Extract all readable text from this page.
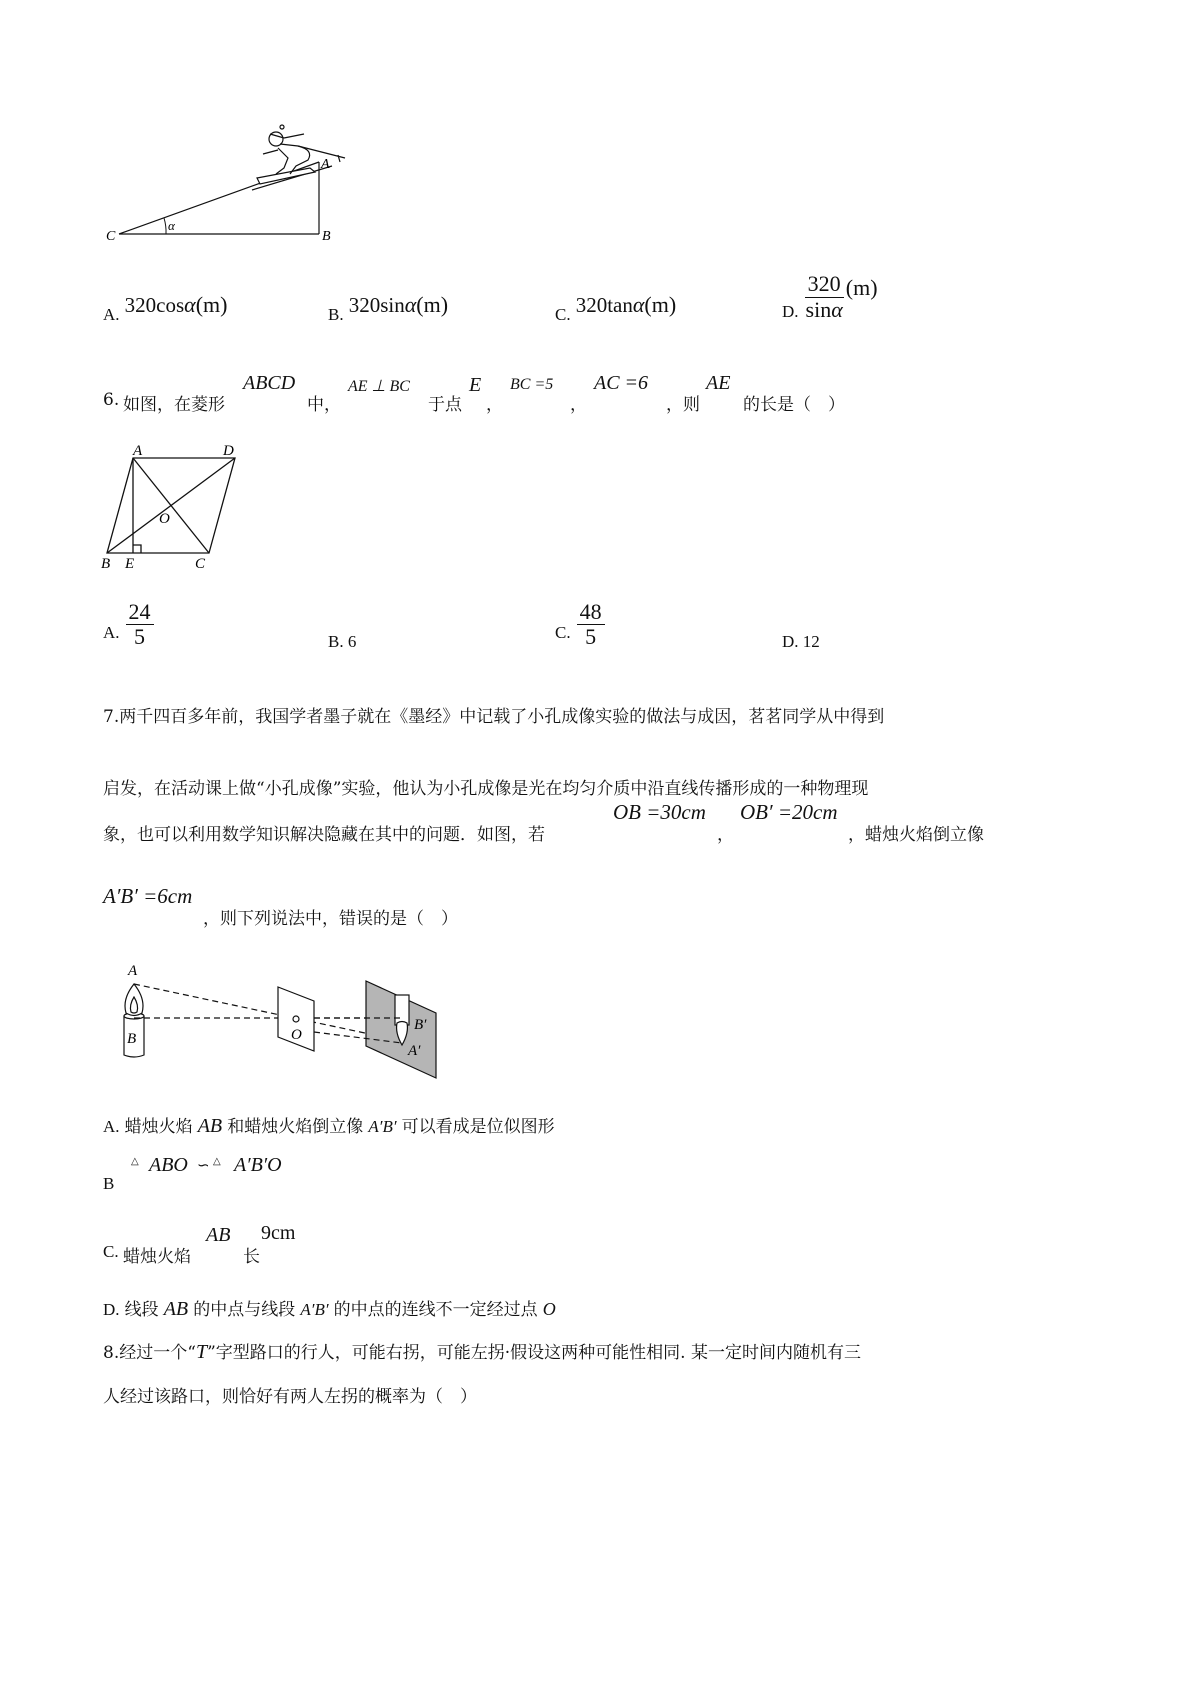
A
B
C
α
A. 320cosα(m)	B. 320sinα(m)	C. 320tanα(m)	D. $\frac{320}{\sin\alpha} (m)$
6. 如图，在菱形
ABCD
中，
AE ⊥ BC
于点
E
，
BC =5
，
AC =6
，则
AE
的长是（　）
A	D
O
B E	C
A. $\frac{24}{5}$	B. 6	C. $\frac{48}{5}$	D. 12
7.两千四百多年前，我国学者墨子就在《墨经》中记载了小孔成像实验的做法与成因，茗茗同学从中得到
启发，在活动课上做“小孔成像”实验，他认为小孔成像是光在均匀介质中沿直线传播形成的一种物理现
象，也可以利用数学知识解决隐藏在其中的问题．如图，若
OB =30cm
，
OB′ =20cm
，蜡烛火焰倒立像
A′B′ =6cm
，则下列说法中，错误的是（　）
A
B	O
B′
A′
A. 蜡烛火焰 AB 和蜡烛火焰倒立像 A′B′ 可以看成是位似图形
B
△ ABO ∽ △ A′B′O
C. 蜡烛火焰
AB
长
9cm
D. 线段 AB 的中点与线段 A′B′ 的中点的连线不一定经过点 O
8.经过一个“T”字型路口的行人，可能右拐，可能左拐·假设这两种可能性相同. 某一定时间内随机有三
人经过该路口，则恰好有两人左拐的概率为（　）
